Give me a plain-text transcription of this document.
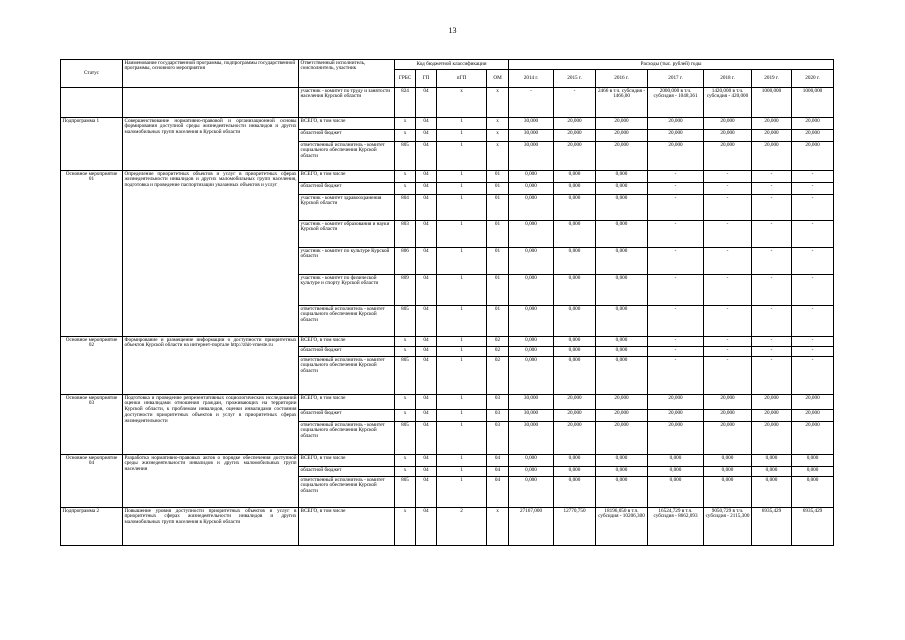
13
Статус	Наименование государственной программы, подпрограммы государственной программы, основного мероприятия	Ответственный исполнитель, соисполнитель, участник	Код бюджетной классификации				Расходы (тыс. рублей) годы						
			ГРБС	ГП	пГП	ОМ	2014 г.	2015 г.	2016 г.	2017 г.	2018 г.	2019 г.	2020 г.
		участник - комитет по труду и занятости населения Курской области	824	04	х	х	-	-	2466 в т.ч. субсидия - 1466,00	2000,000 в т.ч. субсидия - 1048,361	1420,000 в т.ч. субсидия - 420,000	1000,000	1000,000
Подпрограмма 1	Совершенствование нормативно-правовой и организационной основы формирования доступной среды жизнедеятельности инвалидов и других маломобильных групп населения в Курской области	ВСЕГО, в том числе	х	04	1	х	30,000	20,000	20,000	20,000	20,000	20,000	20,000
		областной бюджет	х	04	1	х	30,000	20,000	20,000	20,000	20,000	20,000	20,000
		ответственный исполнитель - комитет социального обеспечения Курской области	805	04	1	х	30,000	20,000	20,000	20,000	20,000	20,000	20,000
Основное мероприятие 01	Определение приоритетных объектов и услуг в приоритетных сферах жизнедеятельности инвалидов и других маломобильных групп населения, подготовка и проведение паспортизации указанных объектов и услуг	ВСЕГО, в том числе	х	04	1	01	0,000	0,000	0,000	-	-	-	-
		областной бюджет	х	04	1	01	0,000	0,000	0,000	-	-	-	-
		участник - комитет здравоохранения Курской области	804	04	1	01	0,000	0,000	0,000	-	-	-	-
		участник - комитет образования и науки Курской области	803	04	1	01	0,000	0,000	0,000	-	-	-	-
		участник - комитет по культуре Курской области	806	04	1	01	0,000	0,000	0,000	-	-	-	-
		участник - комитет по физической культуре и спорту Курской области	809	04	1	01	0,000	0,000	0,000	-	-	-	-
		ответственный исполнитель - комитет социального обеспечения Курской области	805	04	1	01	0,000	0,000	0,000	-	-	-	-
Основное мероприятие 02	Формирование и размещение информации о доступности приоритетных объектов Курской области на интернет-портале http://zhit-vmeste.ru	ВСЕГО, в том числе	х	04	1	02	0,000	0,000	0,000	-	-	-	-
		областной бюджет	х	04	1	02	0,000	0,000	0,000	-	-	-	-
		ответственный исполнитель - комитет социального обеспечения Курской области	805	04	1	02	0,000	0,000	0,000	-	-	-	-
Основное мероприятие 03	Подготовка и проведение репрезентативных социологических исследований оценки инвалидами отношения граждан, проживающих на территории Курской области, к проблемам инвалидов, оценки инвалидами состояния доступности приоритетных объектов и услуг в приоритетных сферах жизнедеятельности	ВСЕГО, в том числе	х	04	1	03	30,000	20,000	20,000	20,000	20,000	20,000	20,000
		областной бюджет	х	04	1	03	30,000	20,000	20,000	20,000	20,000	20,000	20,000
		ответственный исполнитель - комитет социального обеспечения Курской области	805	04	1	03	30,000	20,000	20,000	20,000	20,000	20,000	20,000
Основное мероприятие 04	Разработка нормативно-правовых актов о порядке обеспечения доступной среды жизнедеятельности инвалидов и других маломобильных групп населения	ВСЕГО, в том числе	х	04	1	04	0,000	0,000	0,000	0,000	0,000	0,000	0,000
		областной бюджет	х	04	1	04	0,000	0,000	0,000	0,000	0,000	0,000	0,000
		ответственный исполнитель - комитет социального обеспечения Курской области	805	04	1	04	0,000	0,000	0,000	0,000	0,000	0,000	0,000
Подпрограмма 2	Повышение уровня доступности приоритетных объектов и услуг в приоритетных сферах жизнедеятельности инвалидов и других маломобильных групп населения в Курской области	ВСЕГО, в том числе	х	04	2	х	27167,000	12770,750	18196,050 в т.ч. субсидия - 10206,300	16524,729 в т.ч. субсидия - 8662,093	9050,729 в т.ч. субсидия - 2115,300	6935,429	6935,429
